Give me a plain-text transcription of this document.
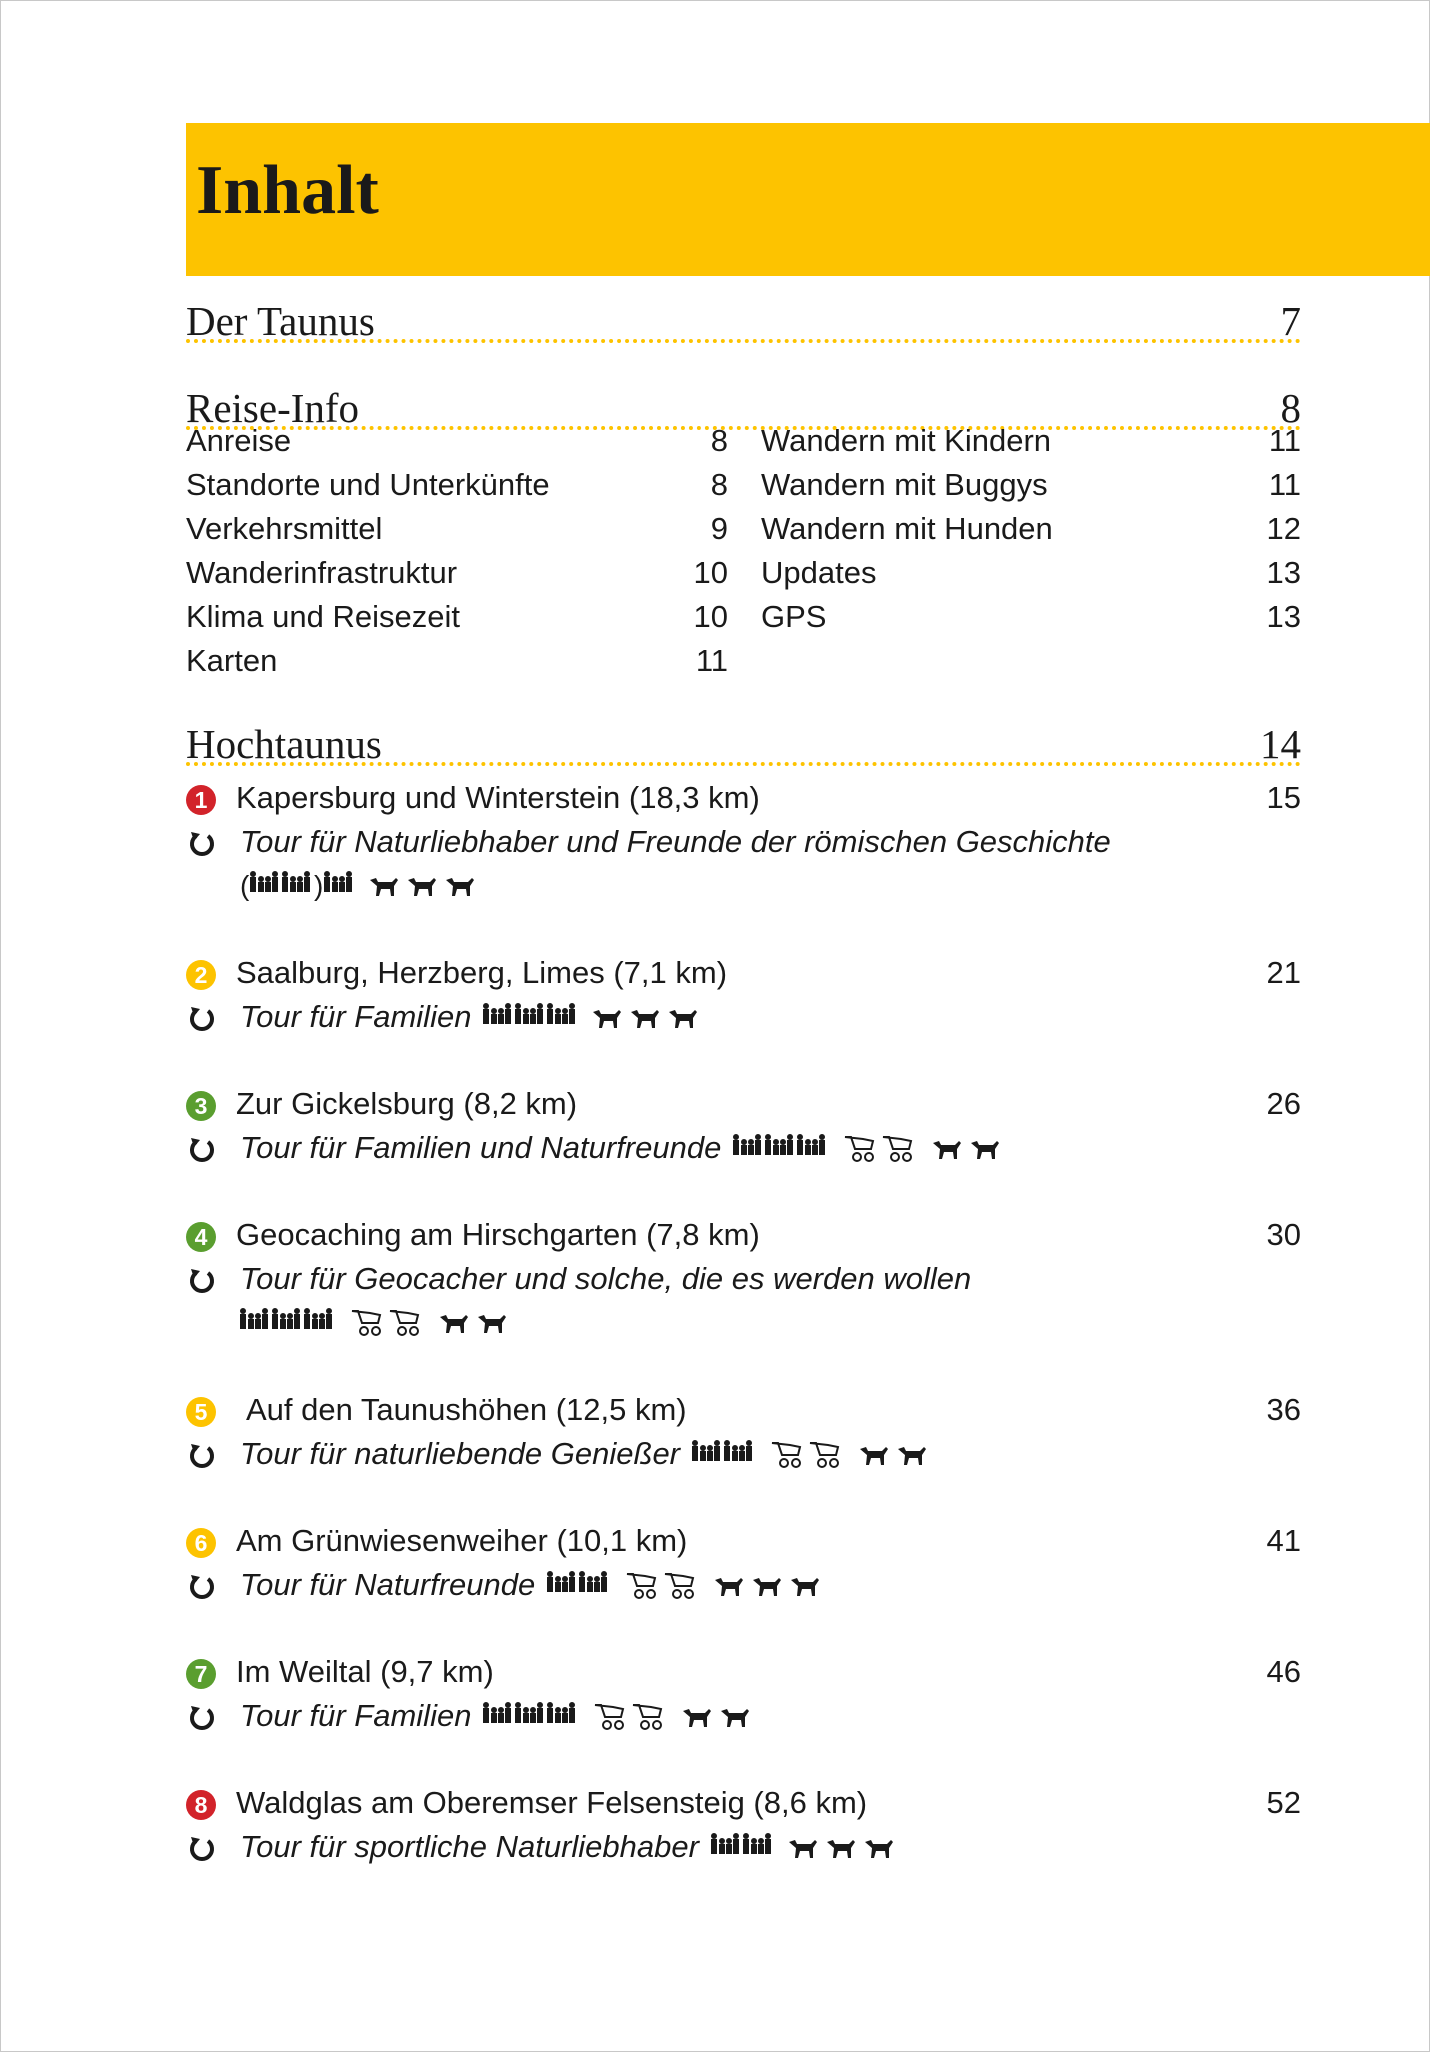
Inhalt
Der Taunus	7
Reise-Info	8
Anreise	8
Standorte und Unterkünfte	8
Verkehrsmittel	9
Wanderinfrastruktur	10
Klima und Reisezeit	10
Karten	11
Wandern mit Kindern	11
Wandern mit Buggys	11
Wandern mit Hunden	12
Updates	13
GPS	13
Hochtaunus	14
1 Kapersburg und Winterstein (18,3 km)	15
Tour für Naturliebhaber und Freunde der römischen Geschichte
( )
2 Saalburg, Herzberg, Limes (7,1 km)	21
Tour für Familien
3 Zur Gickelsburg (8,2 km)	26
Tour für Familien und Naturfreunde
4 Geocaching am Hirschgarten (7,8 km)	30
Tour für Geocacher und solche, die es werden wollen
5 Auf den Taunushöhen (12,5 km)	36
Tour für naturliebende Genießer
6 Am Grünwiesenweiher (10,1 km)	41
Tour für Naturfreunde
7 Im Weiltal (9,7 km)	46
Tour für Familien
8 Waldglas am Oberemser Felsensteig (8,6 km)	52
Tour für sportliche Naturliebhaber
